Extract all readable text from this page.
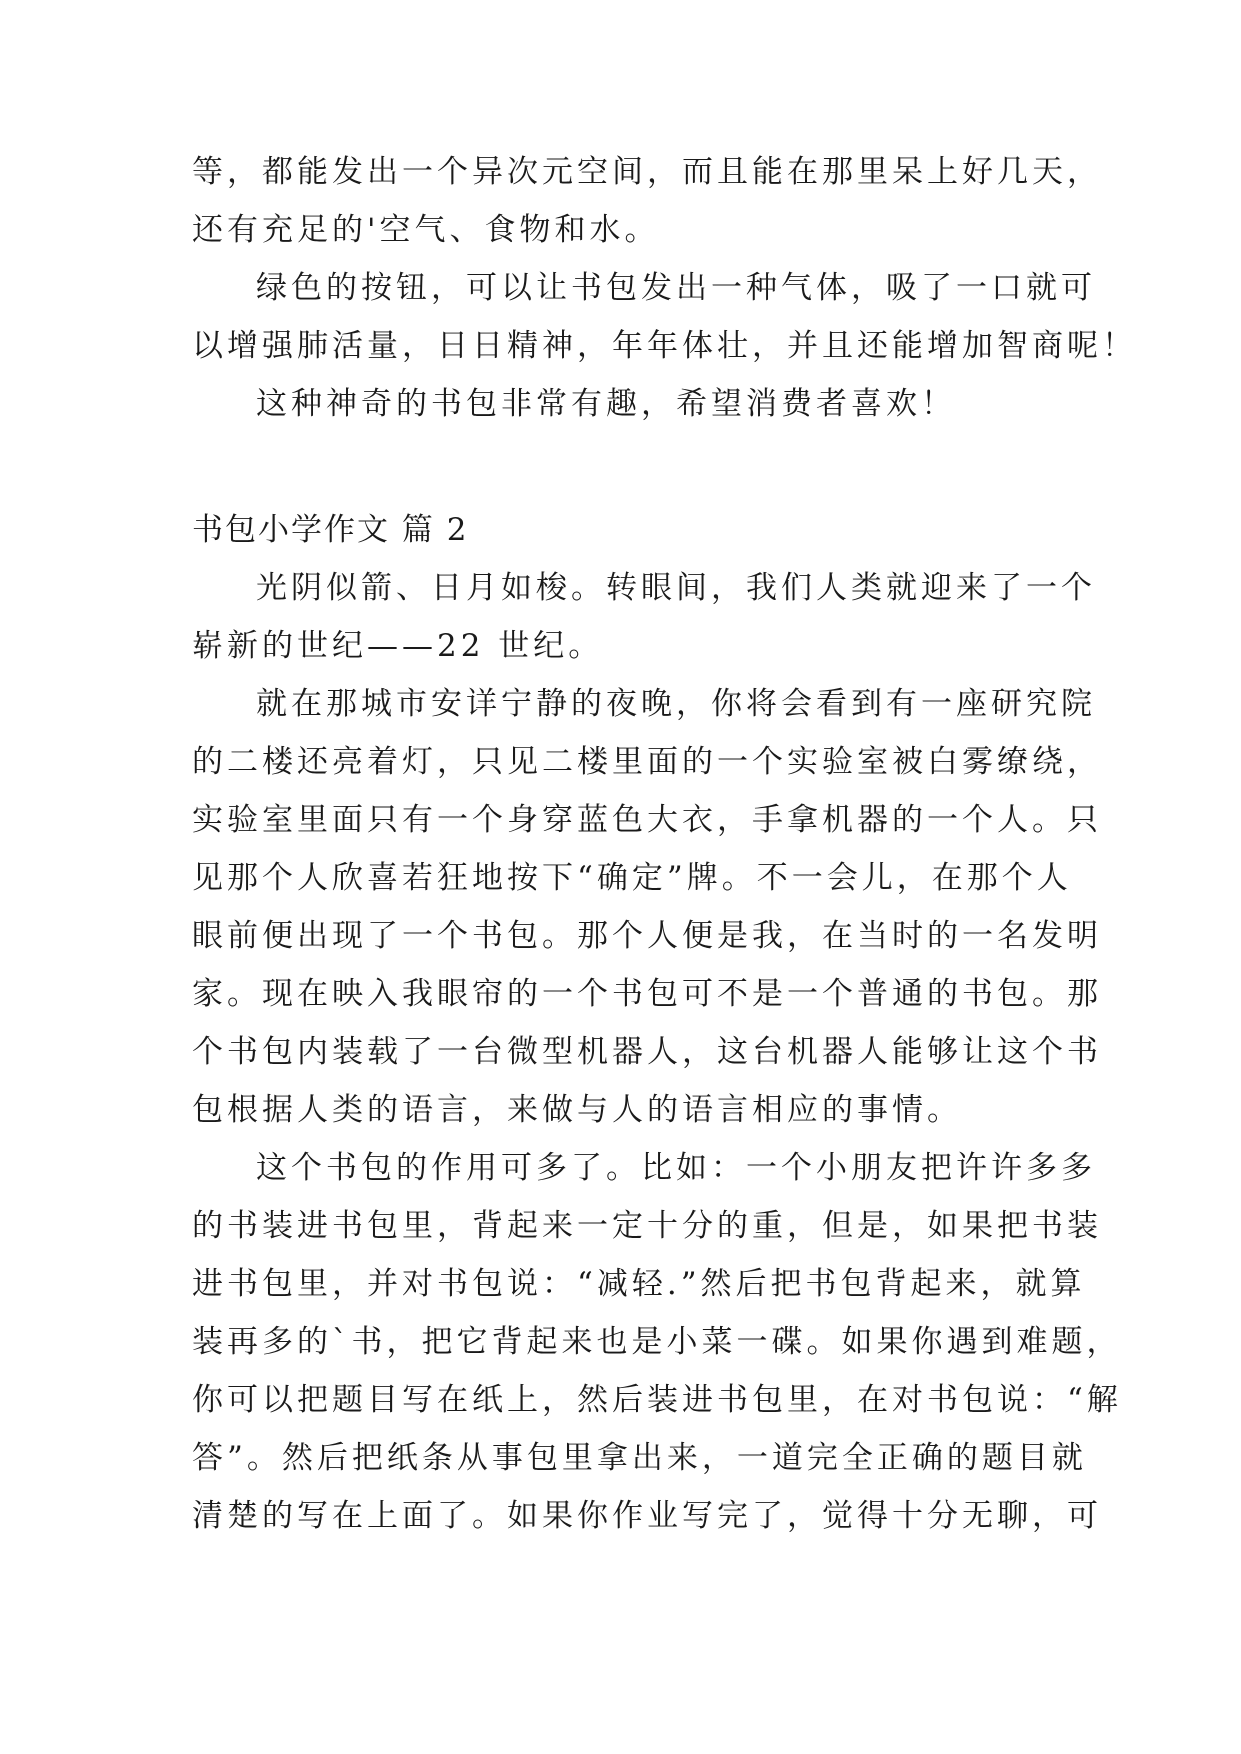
等，都能发出一个异次元空间，而且能在那里呆上好几天，
还有充足的'空气、食物和水。
绿色的按钮，可以让书包发出一种气体，吸了一口就可
以增强肺活量，日日精神，年年体壮，并且还能增加智商呢！
这种神奇的书包非常有趣，希望消费者喜欢！
书包小学作文 篇 2
光阴似箭、日月如梭。转眼间，我们人类就迎来了一个
崭新的世纪——22 世纪。
就在那城市安详宁静的夜晚，你将会看到有一座研究院
的二楼还亮着灯，只见二楼里面的一个实验室被白雾缭绕，
实验室里面只有一个身穿蓝色大衣，手拿机器的一个人。只
见那个人欣喜若狂地按下“确定”牌。不一会儿，在那个人
眼前便出现了一个书包。那个人便是我，在当时的一名发明
家。现在映入我眼帘的一个书包可不是一个普通的书包。那
个书包内装载了一台微型机器人，这台机器人能够让这个书
包根据人类的语言，来做与人的语言相应的事情。
这个书包的作用可多了。比如：一个小朋友把许许多多
的书装进书包里，背起来一定十分的重，但是，如果把书装
进书包里，并对书包说：“减轻.”然后把书包背起来，就算
装再多的`书，把它背起来也是小菜一碟。如果你遇到难题，
你可以把题目写在纸上，然后装进书包里，在对书包说：“解
答”。然后把纸条从事包里拿出来，一道完全正确的题目就
清楚的写在上面了。如果你作业写完了，觉得十分无聊，可
